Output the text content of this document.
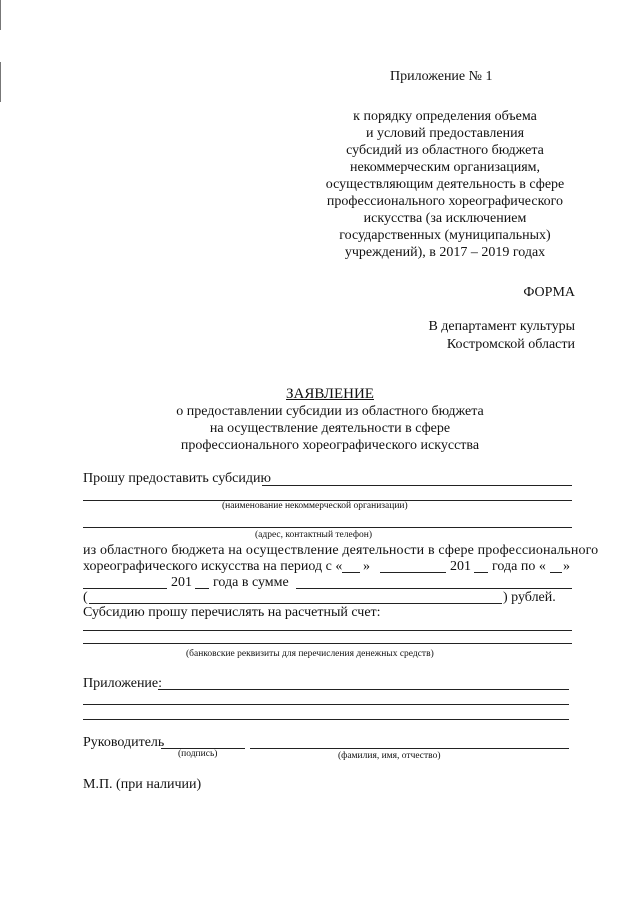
Приложение № 1
к порядку определения объема
и условий предоставления
субсидий из областного бюджета
некоммерческим организациям,
осуществляющим деятельность в сфере
профессионального хореографического
искусства (за исключением
государственных (муниципальных)
учреждений), в 2017 – 2019 годах
ФОРМА
В департамент культуры
Костромской области
ЗАЯВЛЕНИЕ
о предоставлении субсидии из областного бюджета
на осуществление деятельности в сфере
профессионального хореографического искусства
Прошу предоставить субсидию
(наименование некоммерческой организации)
(адрес, контактный телефон)
из областного бюджета на осуществление деятельности в сфере профессионального
хореографического искусства на период с « »	201 года по « »
201 года в сумме
(	) рублей.
Субсидию прошу перечислять на расчетный счет:
(банковские реквизиты для перечисления денежных средств)
Приложение:
Руководитель
(подпись)	(фамилия, имя, отчество)
М.П. (при наличии)
